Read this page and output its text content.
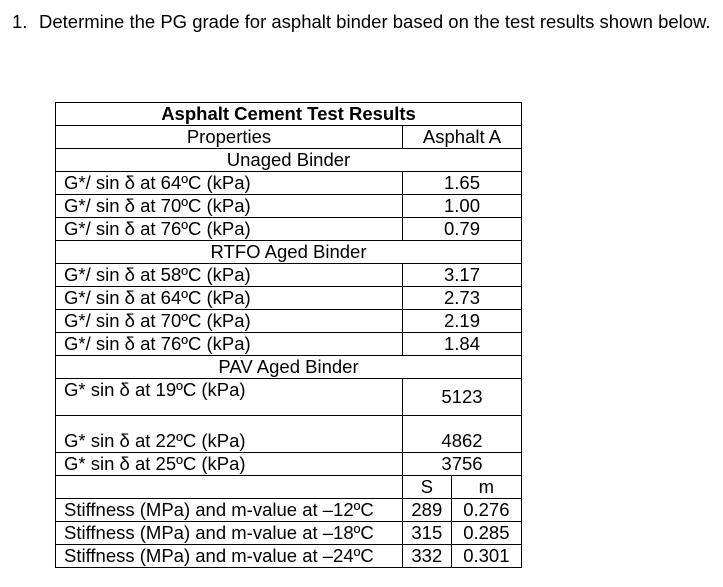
1. Determine the PG grade for asphalt binder based on the test results shown below.
Asphalt Cement Test Results		
Properties	Asphalt A	
Unaged Binder		
G*/ sin δ at 64ºC (kPa)	1.65	
G*/ sin δ at 70ºC (kPa)	1.00	
G*/ sin δ at 76ºC (kPa)	0.79	
RTFO Aged Binder		
G*/ sin δ at 58ºC (kPa)	3.17	
G*/ sin δ at 64ºC (kPa)	2.73	
G*/ sin δ at 70ºC (kPa)	2.19	
G*/ sin δ at 76ºC (kPa)	1.84	
PAV Aged Binder		
G* sin δ at 19ºC (kPa)	5123	
G* sin δ at 22ºC (kPa)	4862	
G* sin δ at 25ºC (kPa)	3756	
	S	m
Stiffness (MPa) and m-value at –12ºC	289	0.276
Stiffness (MPa) and m-value at –18ºC	315	0.285
Stiffness (MPa) and m-value at –24ºC	332	0.301
